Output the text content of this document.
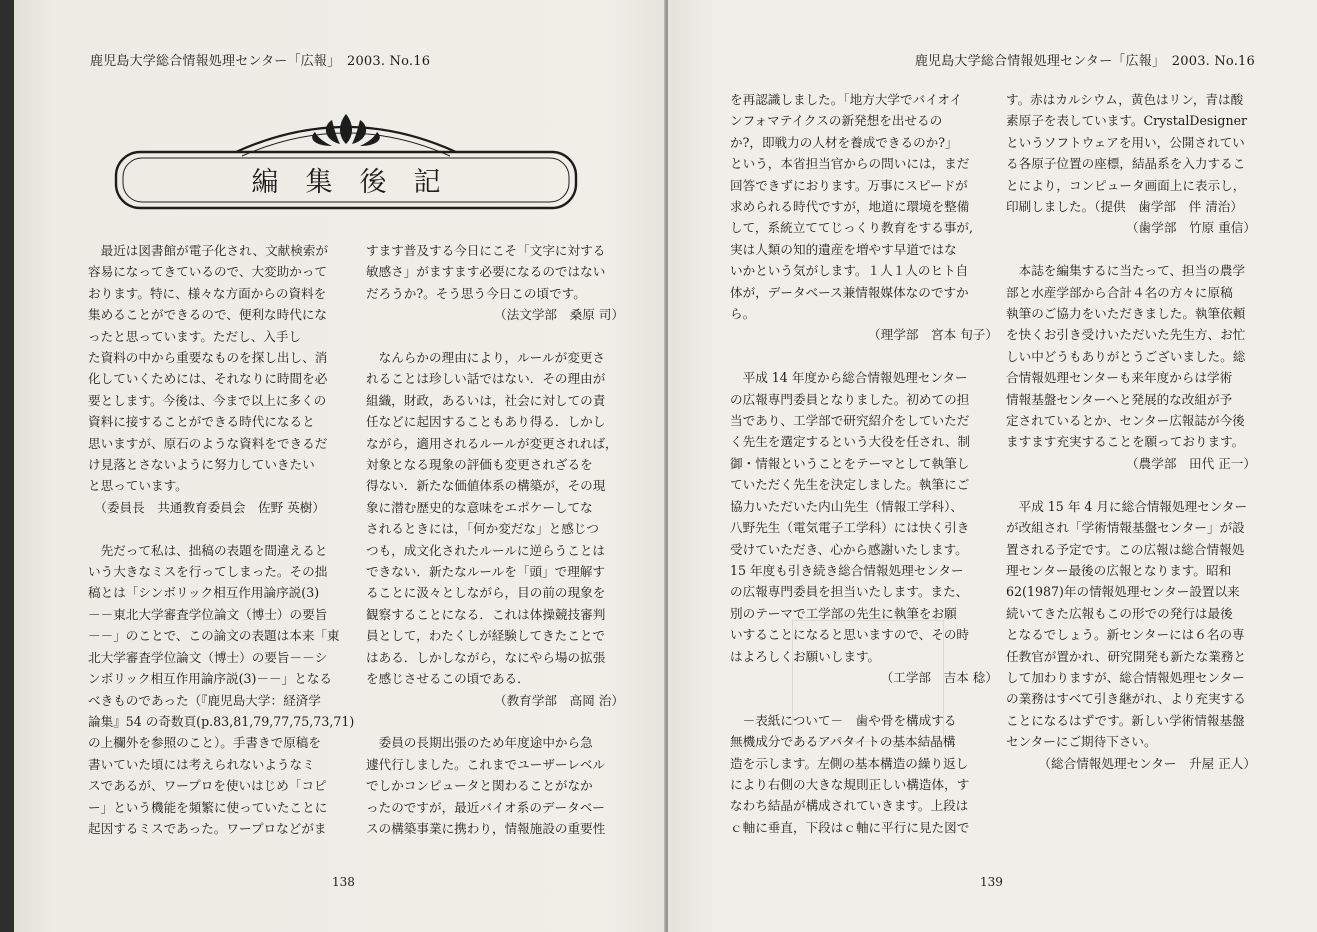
鹿児島大学総合情報処理センター「広報」　2003. No.16
編集後記

　最近は図書館が電子化され、文献検索が

容易になってきているので、大変助かって

おります。特に、様々な方面からの資料を

集めることができるので、便利な時代にな

ったと思っています。ただし、入手し

た資料の中から重要なものを探し出し、消

化していくためには、それなりに時間を必

要とします。今後は、今まで以上に多くの

資料に接することができる時代になると

思いますが、原石のような資料をできるだ

け見落とさないように努力していきたい

と思っています。

　（委員長　共通教育委員会　佐野 英樹）

　先だって私は、拙稿の表題を間違えると

いう大きなミスを行ってしまった。その拙

稿とは「シンボリック相互作用論序説(3)

－－東北大学審査学位論文（博士）の要旨

－－」のことで、この論文の表題は本来「東

北大学審査学位論文（博士）の要旨－－シ

ンボリック相互作用論序説(3)－－」となる

べきものであった（『鹿児島大学：経済学

論集』54 の奇数頁(p.83,81,79,77,75,73,71)

の上欄外を参照のこと）。手書きで原稿を

書いていた頃には考えられないようなミ

スであるが、ワープロを使いはじめ「コピ

ー」という機能を頻繁に使っていたことに

起因するミスであった。ワープロなどがま

すます普及する今日にこそ「文字に対する

敏感さ」がますます必要になるのではない

だろうか?。そう思う今日この頃です。

（法文学部　桑原 司）

　なんらかの理由により，ルールが変更さ

れることは珍しい話ではない．その理由が

組織，財政，あるいは，社会に対しての責

任などに起因することもあり得る．しかし

ながら，適用されるルールが変更されれば，

対象となる現象の評価も変更されざるを

得ない．新たな価値体系の構築が，その現

象に潜む歴史的な意味をエポケーしてな

されるときには，「何か変だな」と感じつ

つも，成文化されたルールに逆らうことは

できない．新たなルールを「頭」で理解す

ることに汲々としながら，目の前の現象を

観察することになる．これは体操競技審判

員として，わたくしが経験してきたことで

はある．しかしながら，なにやら場の拡張

を感じさせるこの頃である．

（教育学部　高岡 治）

　委員の長期出張のため年度途中から急

遽代行しました。これまでユーザーレベル

でしかコンピュータと関わることがなか

ったのですが，最近バイオ系のデータベー

スの構築事業に携わり，情報施設の重要性

138
鹿児島大学総合情報処理センター「広報」　2003. No.16

を再認識しました。「地方大学でバイオイ

ンフォマテイクスの新発想を出せるの

か?，即戦力の人材を養成できるのか?」

という，本省担当官からの問いには，まだ

回答できずにおります。万事にスピードが

求められる時代ですが，地道に環境を整備

して，系統立ててじっくり教育をする事が,

実は人類の知的遺産を増やす早道ではな

いかという気がします。１人１人のヒト自

体が，データベース兼情報媒体なのですか

ら。

（理学部　宮本 旬子）

　平成 14 年度から総合情報処理センター

の広報専門委員となりました。初めての担

当であり、工学部で研究紹介をしていただ

く先生を選定するという大役を任され、制

御・情報ということをテーマとして執筆し

ていただく先生を決定しました。執筆にご

協力いただいた内山先生（情報工学科）、

八野先生（電気電子工学科）には快く引き

受けていただき、心から感謝いたします。

15 年度も引き続き総合情報処理センター

の広報専門委員を担当いたします。また、

別のテーマで工学部の先生に執筆をお願

いすることになると思いますので、その時

はよろしくお願いします。

（工学部　吉本 稔）

　－表紙について－　歯や骨を構成する

無機成分であるアパタイトの基本結晶構

造を示します。左側の基本構造の繰り返し

により右側の大きな規則正しい構造体，す

なわち結晶が構成されていきます。上段は

ｃ軸に垂直，下段はｃ軸に平行に見た図で

す。赤はカルシウム，黄色はリン，青は酸

素原子を表しています。CrystalDesigner

というソフトウェアを用い，公開されてい

る各原子位置の座標，結晶系を入力するこ

とにより，コンピュータ画面上に表示し，

印刷しました。（提供　歯学部　伴 清治）

（歯学部　竹原 重信）

　本誌を編集するに当たって、担当の農学

部と水産学部から合計４名の方々に原稿

執筆のご協力をいただきました。執筆依頼

を快くお引き受けいただいた先生方、お忙

しい中どうもありがとうございました。総

合情報処理センターも来年度からは学術

情報基盤センターへと発展的な改組が予

定されているとか、センター広報誌が今後

ますます充実することを願っております。

（農学部　田代 正一）

　平成 15 年 4 月に総合情報処理センター

が改組され「学術情報基盤センター」が設

置される予定です。この広報は総合情報処

理センター最後の広報となります。昭和

62(1987)年の情報処理センター設置以来

続いてきた広報もこの形での発行は最後

となるでしょう。新センターには６名の専

任教官が置かれ、研究開発も新たな業務と

して加わりますが、総合情報処理センター

の業務はすべて引き継がれ、より充実する

ことになるはずです。新しい学術情報基盤

センターにご期待下さい。

（総合情報処理センター　升屋 正人）

139
